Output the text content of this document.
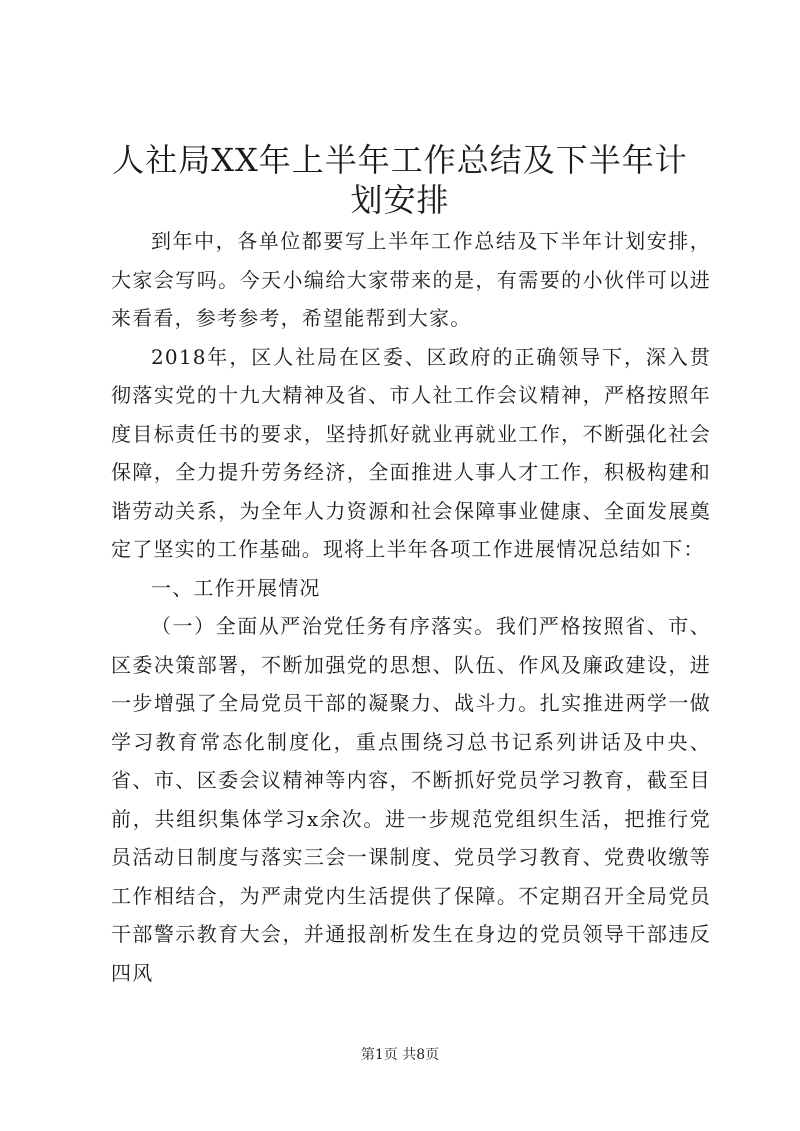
人社局XX年上半年工作总结及下半年计划安排

到年中，各单位都要写上半年工作总结及下半年计划安排，大家会写吗。今天小编给大家带来的是，有需要的小伙伴可以进来看看，参考参考，希望能帮到大家。

2018年，区人社局在区委、区政府的正确领导下，深入贯彻落实党的十九大精神及省、市人社工作会议精神，严格按照年度目标责任书的要求，坚持抓好就业再就业工作，不断强化社会保障，全力提升劳务经济，全面推进人事人才工作，积极构建和谐劳动关系，为全年人力资源和社会保障事业健康、全面发展奠定了坚实的工作基础。现将上半年各项工作进展情况总结如下：

一、工作开展情况

（一）全面从严治党任务有序落实。我们严格按照省、市、区委决策部署，不断加强党的思想、队伍、作风及廉政建设，进一步增强了全局党员干部的凝聚力、战斗力。扎实推进两学一做学习教育常态化制度化，重点围绕习总书记系列讲话及中央、省、市、区委会议精神等内容，不断抓好党员学习教育，截至目前，共组织集体学习x余次。进一步规范党组织生活，把推行党员活动日制度与落实三会一课制度、党员学习教育、党费收缴等工作相结合，为严肃党内生活提供了保障。不定期召开全局党员干部警示教育大会，并通报剖析发生在身边的党员领导干部违反四风

第1页 共8页
